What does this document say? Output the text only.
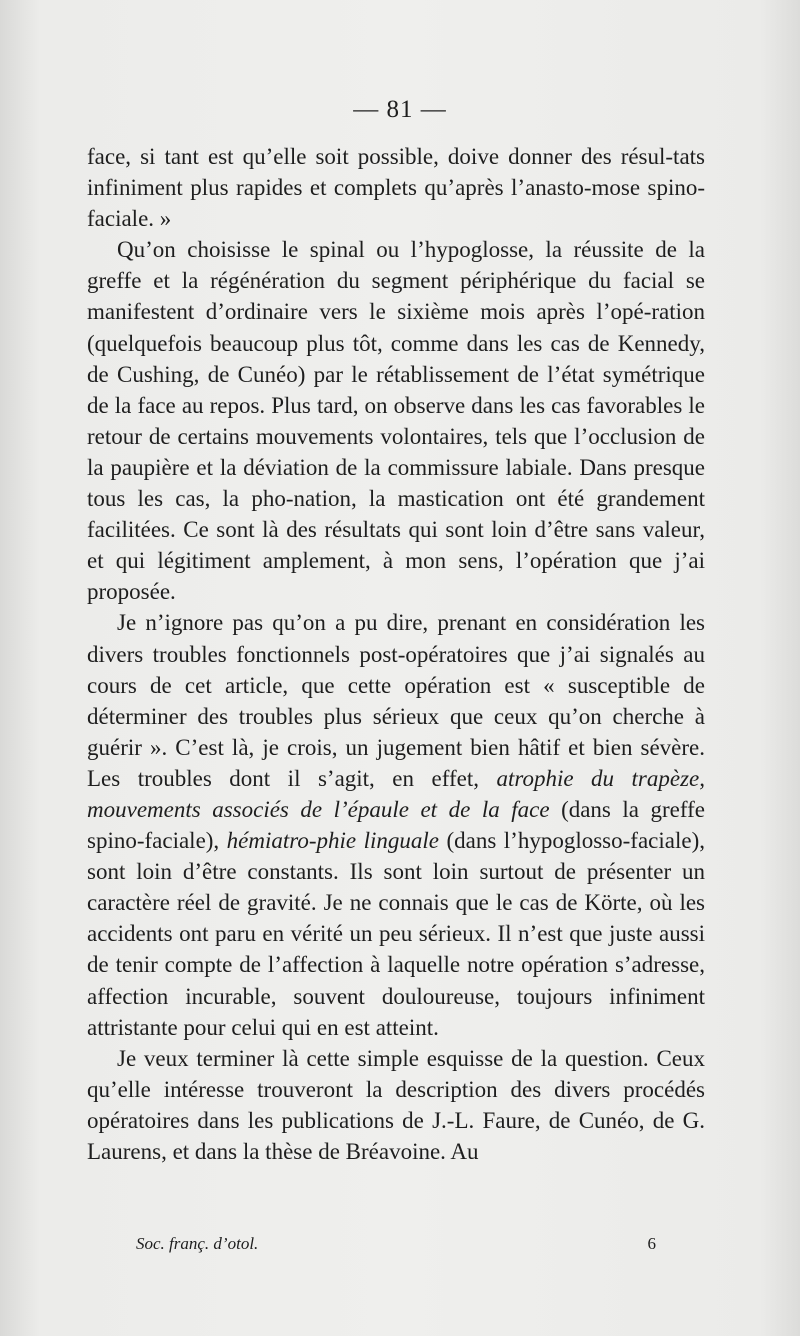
— 81 —

face, si tant est qu’elle soit possible, doive donner des résul-tats infiniment plus rapides et complets qu’après l’anasto-mose spino-faciale. »

Qu’on choisisse le spinal ou l’hypoglosse, la réussite de la greffe et la régénération du segment périphérique du facial se manifestent d’ordinaire vers le sixième mois après l’opé-ration (quelquefois beaucoup plus tôt, comme dans les cas de Kennedy, de Cushing, de Cunéo) par le rétablissement de l’état symétrique de la face au repos. Plus tard, on observe dans les cas favorables le retour de certains mouvements volontaires, tels que l’occlusion de la paupière et la déviation de la commissure labiale. Dans presque tous les cas, la pho-nation, la mastication ont été grandement facilitées. Ce sont là des résultats qui sont loin d’être sans valeur, et qui légitiment amplement, à mon sens, l’opération que j’ai proposée.

Je n’ignore pas qu’on a pu dire, prenant en considération les divers troubles fonctionnels post-opératoires que j’ai signalés au cours de cet article, que cette opération est « susceptible de déterminer des troubles plus sérieux que ceux qu’on cherche à guérir ». C’est là, je crois, un jugement bien hâtif et bien sévère. Les troubles dont il s’agit, en effet, atrophie du trapèze, mouvements associés de l’épaule et de la face (dans la greffe spino-faciale), hémiatro-phie linguale (dans l’hypoglosso-faciale), sont loin d’être constants. Ils sont loin surtout de présenter un caractère réel de gravité. Je ne connais que le cas de Körte, où les accidents ont paru en vérité un peu sérieux. Il n’est que juste aussi de tenir compte de l’affection à laquelle notre opération s’adresse, affection incurable, souvent douloureuse, toujours infiniment attristante pour celui qui en est atteint.

Je veux terminer là cette simple esquisse de la question. Ceux qu’elle intéresse trouveront la description des divers procédés opératoires dans les publications de J.-L. Faure, de Cunéo, de G. Laurens, et dans la thèse de Bréavoine. Au

Soc. franç. d’otol.	6
